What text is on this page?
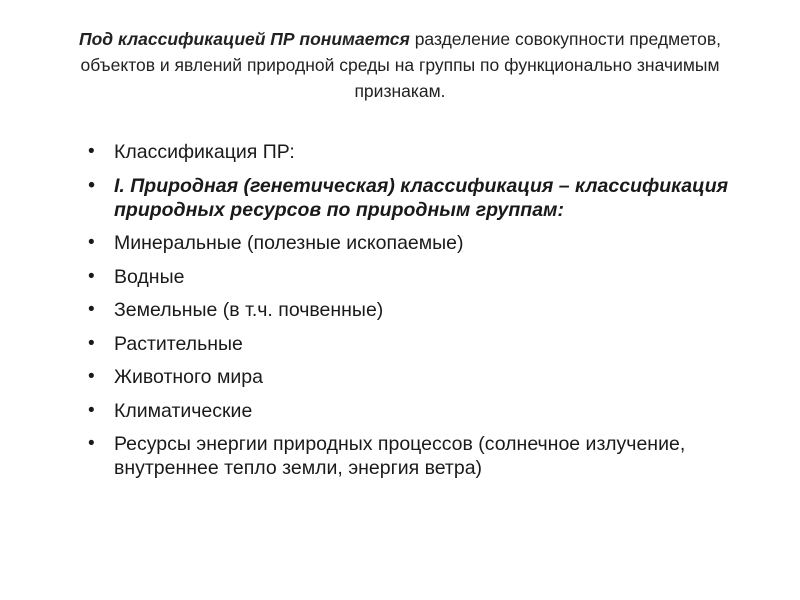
Под классификацией ПР понимается разделение совокупности предметов, объектов и явлений природной среды на группы по функционально значимым признакам.

• Классификация ПР:
• I. Природная (генетическая) классификация – классификация природных ресурсов по природным группам:
• Минеральные (полезные ископаемые)
• Водные
• Земельные (в т.ч. почвенные)
• Растительные
• Животного мира
• Климатические
• Ресурсы энергии природных процессов (солнечное излучение, внутреннее тепло земли, энергия ветра)
